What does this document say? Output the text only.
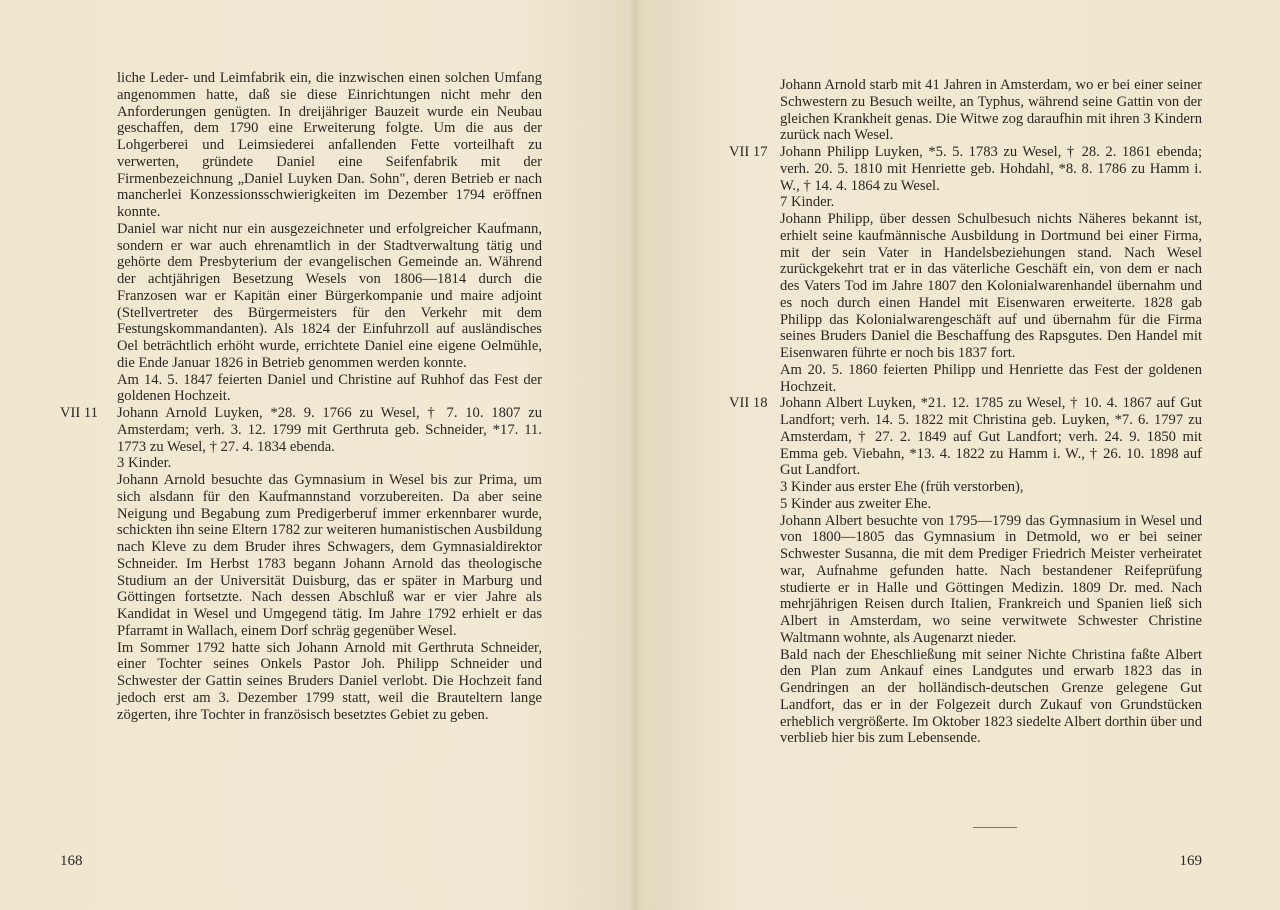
liche Leder- und Leimfabrik ein, die inzwischen einen solchen Umfang angenommen hatte, daß sie diese Einrichtungen nicht mehr den Anforderungen genügten. In dreijähriger Bauzeit wurde ein Neubau geschaffen, dem 1790 eine Erweiterung folgte. Um die aus der Lohgerberei und Leimsiederei anfallenden Fette vorteilhaft zu verwerten, gründete Daniel eine Seifenfabrik mit der Firmenbezeichnung „Daniel Luyken Dan. Sohn", deren Betrieb er nach mancherlei Konzessionsschwierigkeiten im Dezember 1794 eröffnen konnte.

Daniel war nicht nur ein ausgezeichneter und erfolgreicher Kaufmann, sondern er war auch ehrenamtlich in der Stadtverwaltung tätig und gehörte dem Presbyterium der evangelischen Gemeinde an. Während der achtjährigen Besetzung Wesels von 1806—1814 durch die Franzosen war er Kapitän einer Bürgerkompanie und maire adjoint (Stellvertreter des Bürgermeisters für den Verkehr mit dem Festungskommandanten). Als 1824 der Einfuhrzoll auf ausländisches Oel beträchtlich erhöht wurde, errichtete Daniel eine eigene Oelmühle, die Ende Januar 1826 in Betrieb genommen werden konnte.

Am 14. 5. 1847 feierten Daniel und Christine auf Ruhhof das Fest der goldenen Hochzeit.

VII 11 Johann Arnold Luyken, *28. 9. 1766 zu Wesel, † 7. 10. 1807 zu Amsterdam; verh. 3. 12. 1799 mit Gerthruta geb. Schneider, *17. 11. 1773 zu Wesel, † 27. 4. 1834 ebenda.

3 Kinder.

Johann Arnold besuchte das Gymnasium in Wesel bis zur Prima, um sich alsdann für den Kaufmannstand vorzubereiten. Da aber seine Neigung und Begabung zum Predigerberuf immer erkennbarer wurde, schickten ihn seine Eltern 1782 zur weiteren humanistischen Ausbildung nach Kleve zu dem Bruder ihres Schwagers, dem Gymnasialdirektor Schneider. Im Herbst 1783 begann Johann Arnold das theologische Studium an der Universität Duisburg, das er später in Marburg und Göttingen fortsetzte. Nach dessen Abschluß war er vier Jahre als Kandidat in Wesel und Umgegend tätig. Im Jahre 1792 erhielt er das Pfarramt in Wallach, einem Dorf schräg gegenüber Wesel.

Im Sommer 1792 hatte sich Johann Arnold mit Gerthruta Schneider, einer Tochter seines Onkels Pastor Joh. Philipp Schneider und Schwester der Gattin seines Bruders Daniel verlobt. Die Hochzeit fand jedoch erst am 3. Dezember 1799 statt, weil die Brauteltern lange zögerten, ihre Tochter in französisch besetztes Gebiet zu geben.

168

Johann Arnold starb mit 41 Jahren in Amsterdam, wo er bei einer seiner Schwestern zu Besuch weilte, an Typhus, während seine Gattin von der gleichen Krankheit genas. Die Witwe zog daraufhin mit ihren 3 Kindern zurück nach Wesel.

VII 17 Johann Philipp Luyken, *5. 5. 1783 zu Wesel, † 28. 2. 1861 ebenda; verh. 20. 5. 1810 mit Henriette geb. Hohdahl, *8. 8. 1786 zu Hamm i. W., † 14. 4. 1864 zu Wesel.

7 Kinder.

Johann Philipp, über dessen Schulbesuch nichts Näheres bekannt ist, erhielt seine kaufmännische Ausbildung in Dortmund bei einer Firma, mit der sein Vater in Handelsbeziehungen stand. Nach Wesel zurückgekehrt trat er in das väterliche Geschäft ein, von dem er nach des Vaters Tod im Jahre 1807 den Kolonialwarenhandel übernahm und es noch durch einen Handel mit Eisenwaren erweiterte. 1828 gab Philipp das Kolonialwarengeschäft auf und übernahm für die Firma seines Bruders Daniel die Beschaffung des Rapsgutes. Den Handel mit Eisenwaren führte er noch bis 1837 fort.

Am 20. 5. 1860 feierten Philipp und Henriette das Fest der goldenen Hochzeit.

VII 18 Johann Albert Luyken, *21. 12. 1785 zu Wesel, † 10. 4. 1867 auf Gut Landfort; verh. 14. 5. 1822 mit Christina geb. Luyken, *7. 6. 1797 zu Amsterdam, † 27. 2. 1849 auf Gut Landfort; verh. 24. 9. 1850 mit Emma geb. Viebahn, *13. 4. 1822 zu Hamm i. W., † 26. 10. 1898 auf Gut Landfort.

3 Kinder aus erster Ehe (früh verstorben),

5 Kinder aus zweiter Ehe.

Johann Albert besuchte von 1795—1799 das Gymnasium in Wesel und von 1800—1805 das Gymnasium in Detmold, wo er bei seiner Schwester Susanna, die mit dem Prediger Friedrich Meister verheiratet war, Aufnahme gefunden hatte. Nach bestandener Reifeprüfung studierte er in Halle und Göttingen Medizin. 1809 Dr. med. Nach mehrjährigen Reisen durch Italien, Frankreich und Spanien ließ sich Albert in Amsterdam, wo seine verwitwete Schwester Christine Waltmann wohnte, als Augenarzt nieder.

Bald nach der Eheschließung mit seiner Nichte Christina faßte Albert den Plan zum Ankauf eines Landgutes und erwarb 1823 das in Gendringen an der holländisch-deutschen Grenze gelegene Gut Landfort, das er in der Folgezeit durch Zukauf von Grundstücken erheblich vergrößerte. Im Oktober 1823 siedelte Albert dorthin über und verblieb hier bis zum Lebensende.

169
